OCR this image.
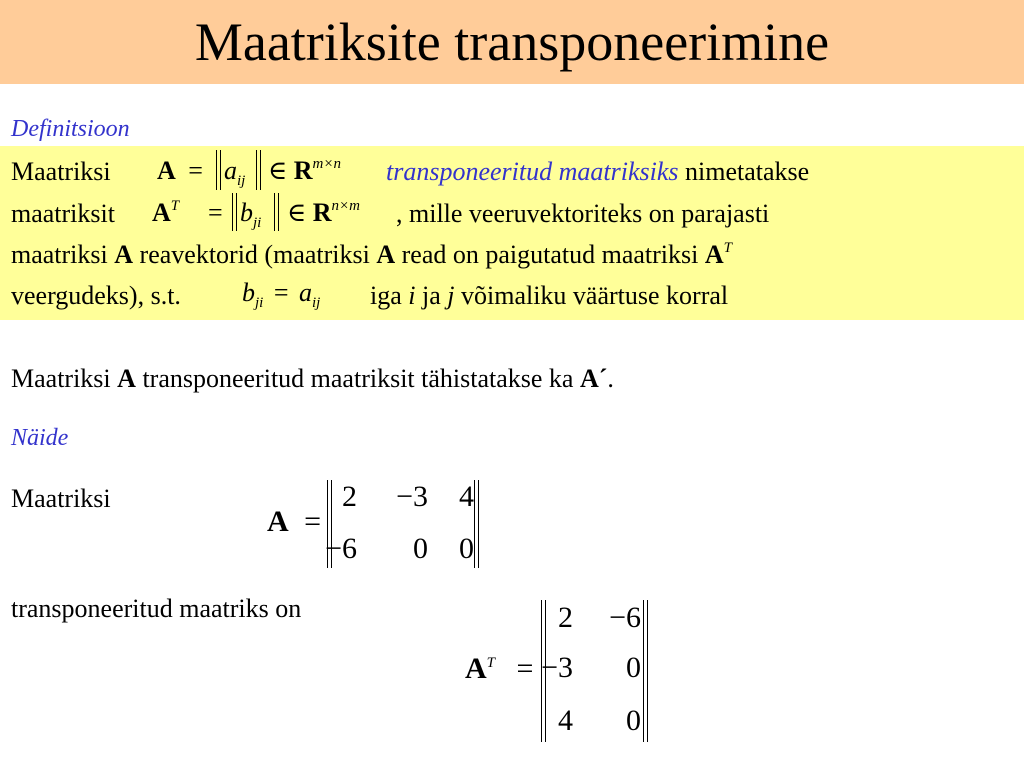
Maatriksite transponeerimine
Definitsioon
Maatriksi $A = a_{ij}$ ∈ $R^{m\times n}$ transponeeritud maatriksiks nimetatakse
maatriksit $A^T = b_{ji}$ ∈ $R^{n\times m}$ , mille veeruvektoriteks on parajasti
maatriksi A reavektorid (maatriksi A read on paigutatud maatriksi $A^T$
veergudeks), s.t. $b_{ji} = a_{ij}$ iga i ja j võimaliku väärtuse korral
Maatriksi A transponeeritud maatriksit tähistatakse ka A´.
Näide
Maatriksi
A =
transponeeritud maatriks on
$A^T$ =
2 −3	4
−6	0	0
2 −6
−3	0
4	0
